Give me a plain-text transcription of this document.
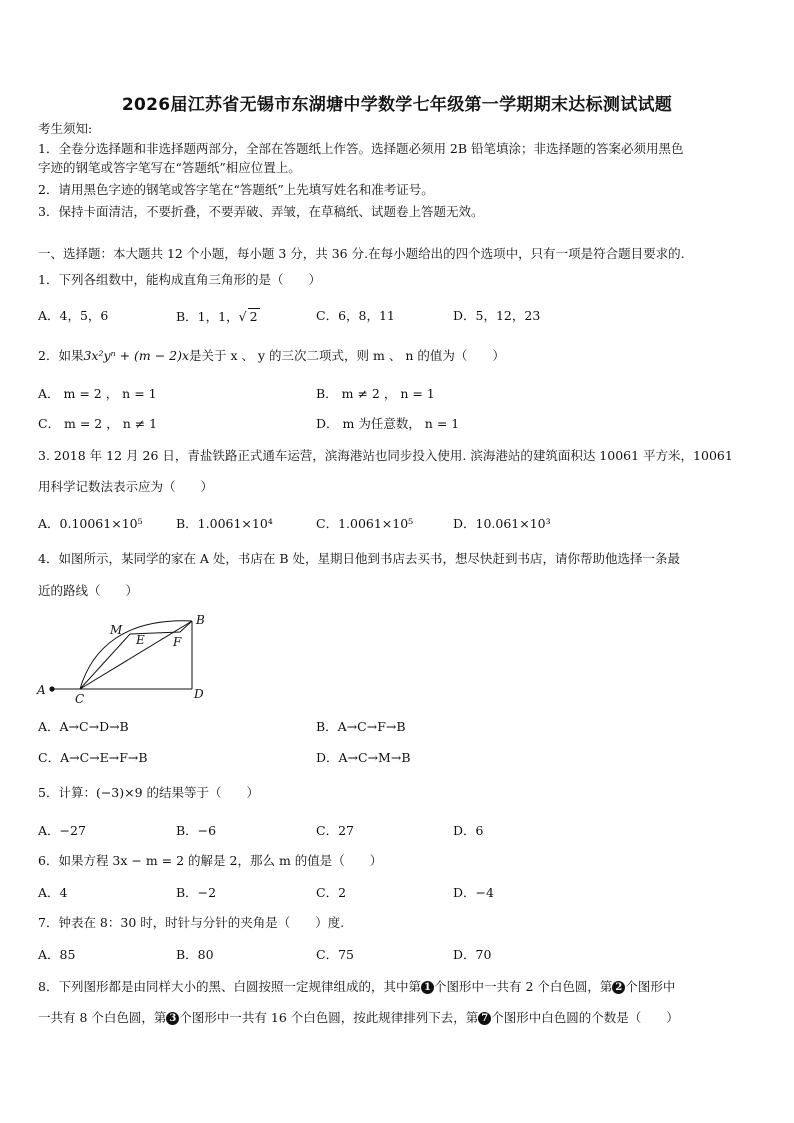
2026届江苏省无锡市东湖塘中学数学七年级第一学期期末达标测试试题
考生须知:
1．全卷分选择题和非选择题两部分，全部在答题纸上作答。选择题必须用 2B 铅笔填涂；非选择题的答案必须用黑色
字迹的钢笔或答字笔写在“答题纸”相应位置上。
2．请用黑色字迹的钢笔或答字笔在“答题纸”上先填写姓名和准考证号。
3．保持卡面清洁，不要折叠，不要弄破、弄皱，在草稿纸、试题卷上答题无效。
一、选择题：本大题共 12 个小题，每小题 3 分，共 36 分.在每小题给出的四个选项中，只有一项是符合题目要求的.
1．下列各组数中，能构成直角三角形的是（　　）
A．4，5，6	B．1，1，√ 2	C．6，8，11	D．5，12，23
2．如果3x²yⁿ + (m − 2)x是关于 x 、 y 的三次二项式，则 m 、 n 的值为（　　）
A． m = 2 ， n = 1	B． m ≠ 2 ， n = 1
C． m = 2 ， n ≠ 1	D． m 为任意数， n = 1
3. 2018 年 12 月 26 日，青盐铁路正式通车运营，滨海港站也同步投入使用. 滨海港站的建筑面积达 10061 平方米，10061
用科学记数法表示应为（　　）
A．0.10061×10⁵	B．1.0061×10⁴	C．1.0061×10⁵	D．10.061×10³
4．如图所示，某同学的家在 A 处，书店在 B 处，星期日他到书店去买书，想尽快赶到书店，请你帮助他选择一条最
近的路线（　　）
A
C	D
B
M
E F
A．A→C→D→B	B．A→C→F→B
C．A→C→E→F→B	D．A→C→M→B
5．计算：(−3)×9 的结果等于（　　）
A．−27	B．−6	C．27	D．6
6．如果方程 3x − m = 2 的解是 2，那么 m 的值是（　　）
A．4	B．−2	C．2	D．−4
7．钟表在 8：30 时，时针与分针的夹角是（　　）度.
A．85	B．80	C．75	D．70
8．下列图形都是由同样大小的黑、白圆按照一定规律组成的，其中第 1 个图形中一共有 2 个白色圆，第 2 个图形中
一共有 8 个白色圆，第 3 个图形中一共有 16 个白色圆，按此规律排列下去，第 7 个图形中白色圆的个数是（　　）
